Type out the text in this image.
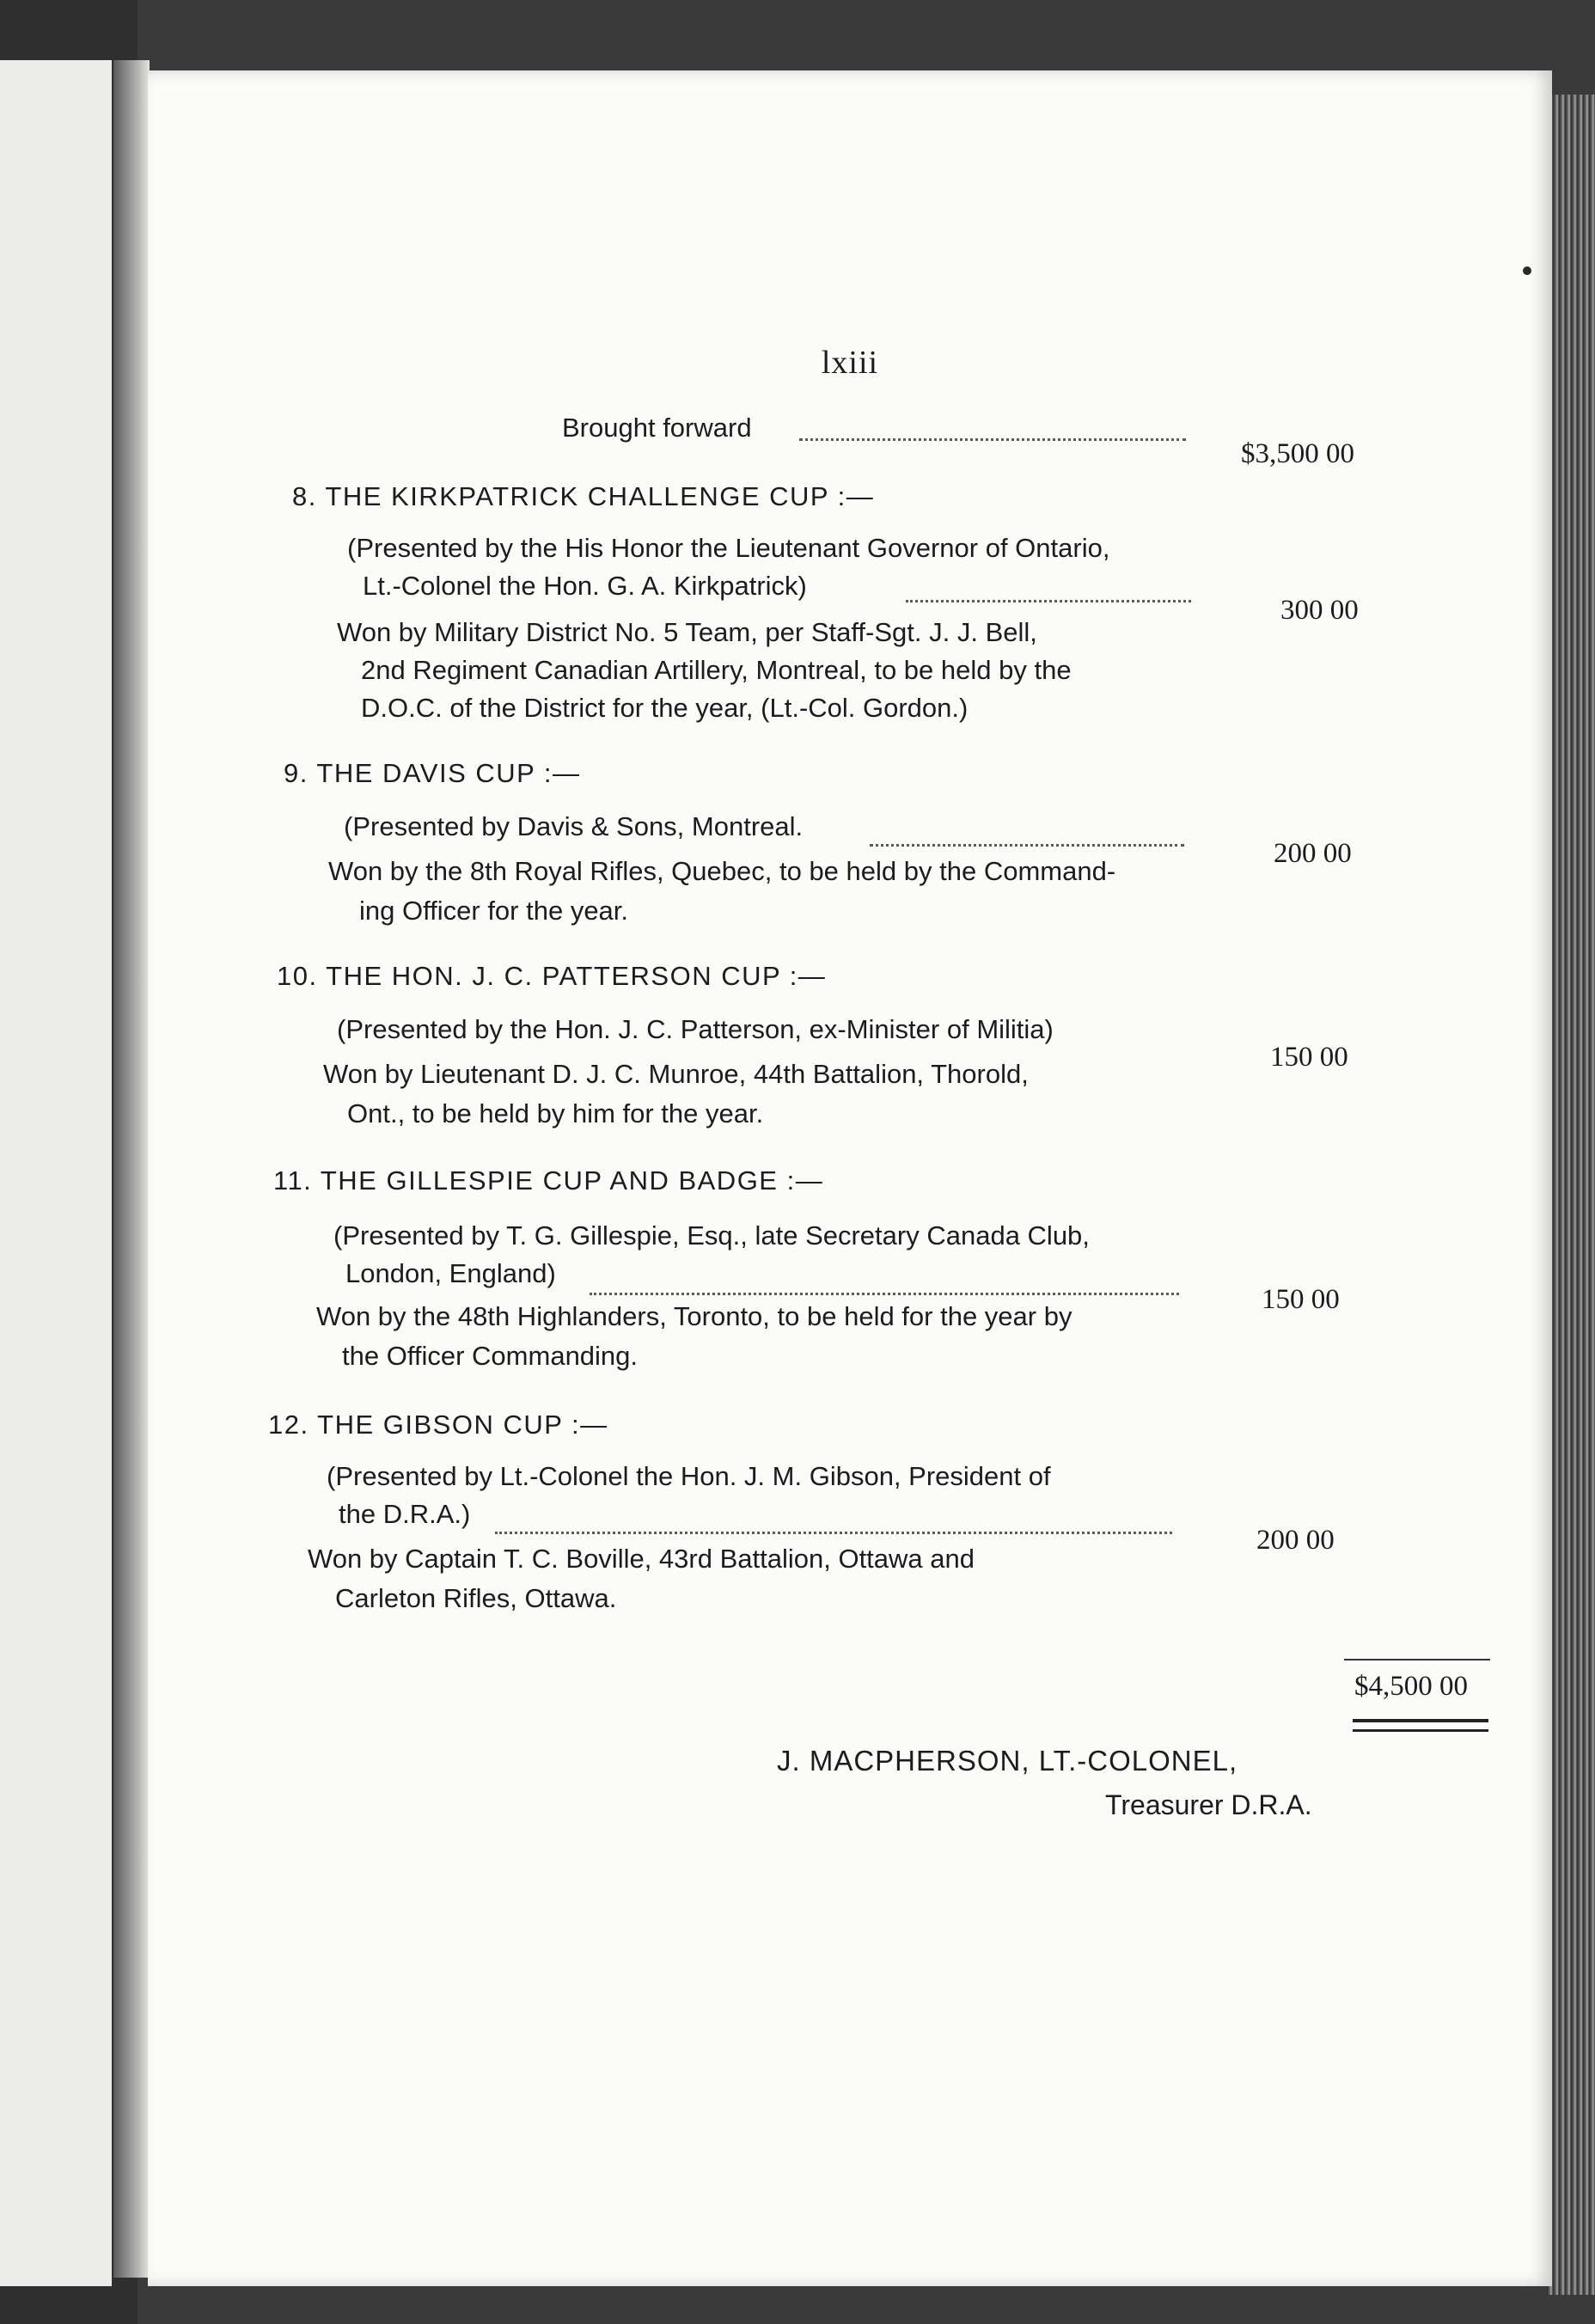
lxiii
Brought forward
$3,500 00
8. THE KIRKPATRICK CHALLENGE CUP :—
(Presented by the His Honor the Lieutenant Governor of Ontario,
Lt.-Colonel the Hon. G. A. Kirkpatrick)
300 00
Won by Military District No. 5 Team, per Staff-Sgt. J. J. Bell,
2nd Regiment Canadian Artillery, Montreal, to be held by the
D.O.C. of the District for the year, (Lt.-Col. Gordon.)
9. THE DAVIS CUP :—
(Presented by Davis & Sons, Montreal.
200 00
Won by the 8th Royal Rifles, Quebec, to be held by the Command-
ing Officer for the year.
10. THE HON. J. C. PATTERSON CUP :—
(Presented by the Hon. J. C. Patterson, ex-Minister of Militia)
150 00
Won by Lieutenant D. J. C. Munroe, 44th Battalion, Thorold,
Ont., to be held by him for the year.
11. THE GILLESPIE CUP AND BADGE :—
(Presented by T. G. Gillespie, Esq., late Secretary Canada Club,
London, England)
150 00
Won by the 48th Highlanders, Toronto, to be held for the year by
the Officer Commanding.
12. THE GIBSON CUP :—
(Presented by Lt.-Colonel the Hon. J. M. Gibson, President of
the D.R.A.)
200 00
Won by Captain T. C. Boville, 43rd Battalion, Ottawa and
Carleton Rifles, Ottawa.
$4,500 00
J. MACPHERSON, LT.-COLONEL,
Treasurer D.R.A.
